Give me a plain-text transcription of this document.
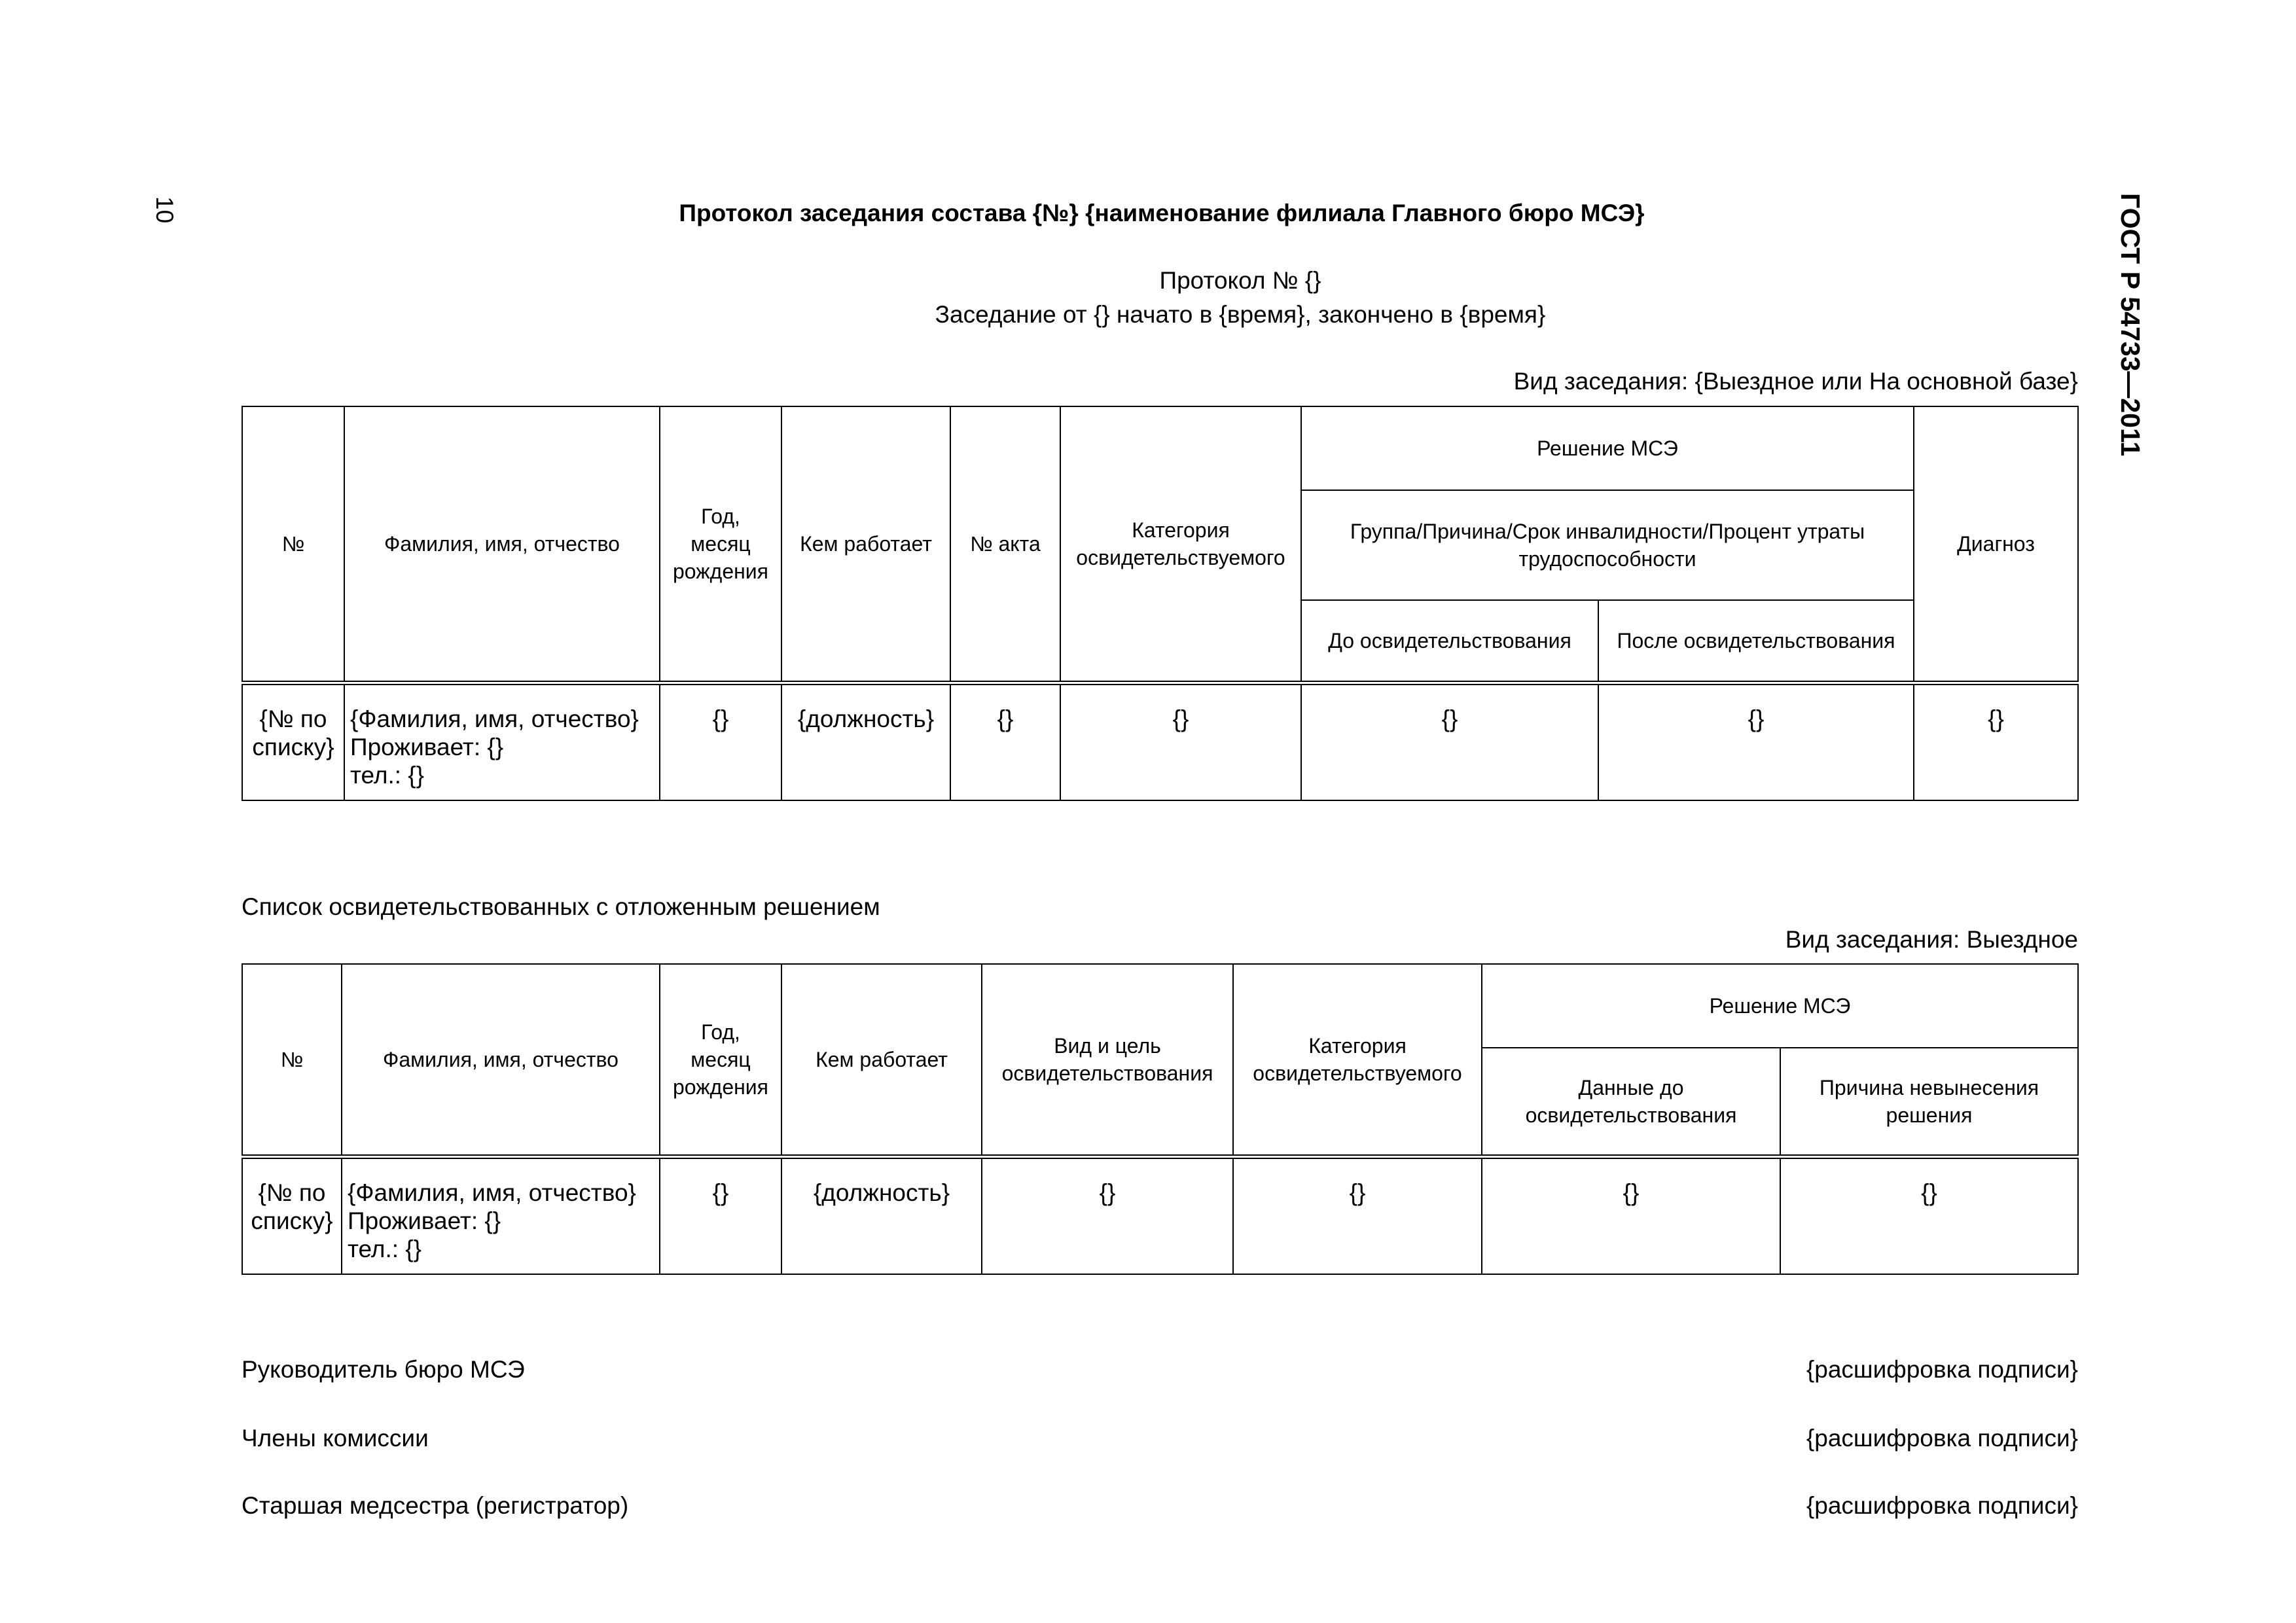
10	ГОСТ Р 54733—2011
Протокол заседания состава {№} {наименование филиала Главного бюро МСЭ}
Протокол № {}
Заседание от {} начато в {время}, закончено в {время}
Вид заседания: {Выездное или На основной базе}
№	Фамилия, имя, отчество	Год,
месяц
рождения	Кем работает	№ акта	Категория
освидетельствуемого	Решение МСЭ		Диагноз

						Группа/Причина/Срок инвалидности/Процент утраты
трудоспособности		

						До освидетельствования	После освидетельствования	

{№ по
списку}	{Фамилия, имя, отчество}
Проживает: {}
тел.: {}	{}	{должность}	{}	{}	{}	{}	{}
Список освидетельствованных с отложенным решением
Вид заседания: Выездное
№	Фамилия, имя, отчество	Год,
месяц
рождения	Кем работает	Вид и цель
освидетельствования	Категория
освидетельствуемого	Решение МСЭ	

						Данные до
освидетельствования	Причина невынесения
решения

{№ по
списку}	{Фамилия, имя, отчество}
Проживает: {}
тел.: {}	{}	{должность}	{}	{}	{}	{}
Руководитель бюро МСЭ	{расшифровка подписи}
Члены комиссии	{расшифровка подписи}
Старшая медсестра (регистратор)	{расшифровка подписи}
